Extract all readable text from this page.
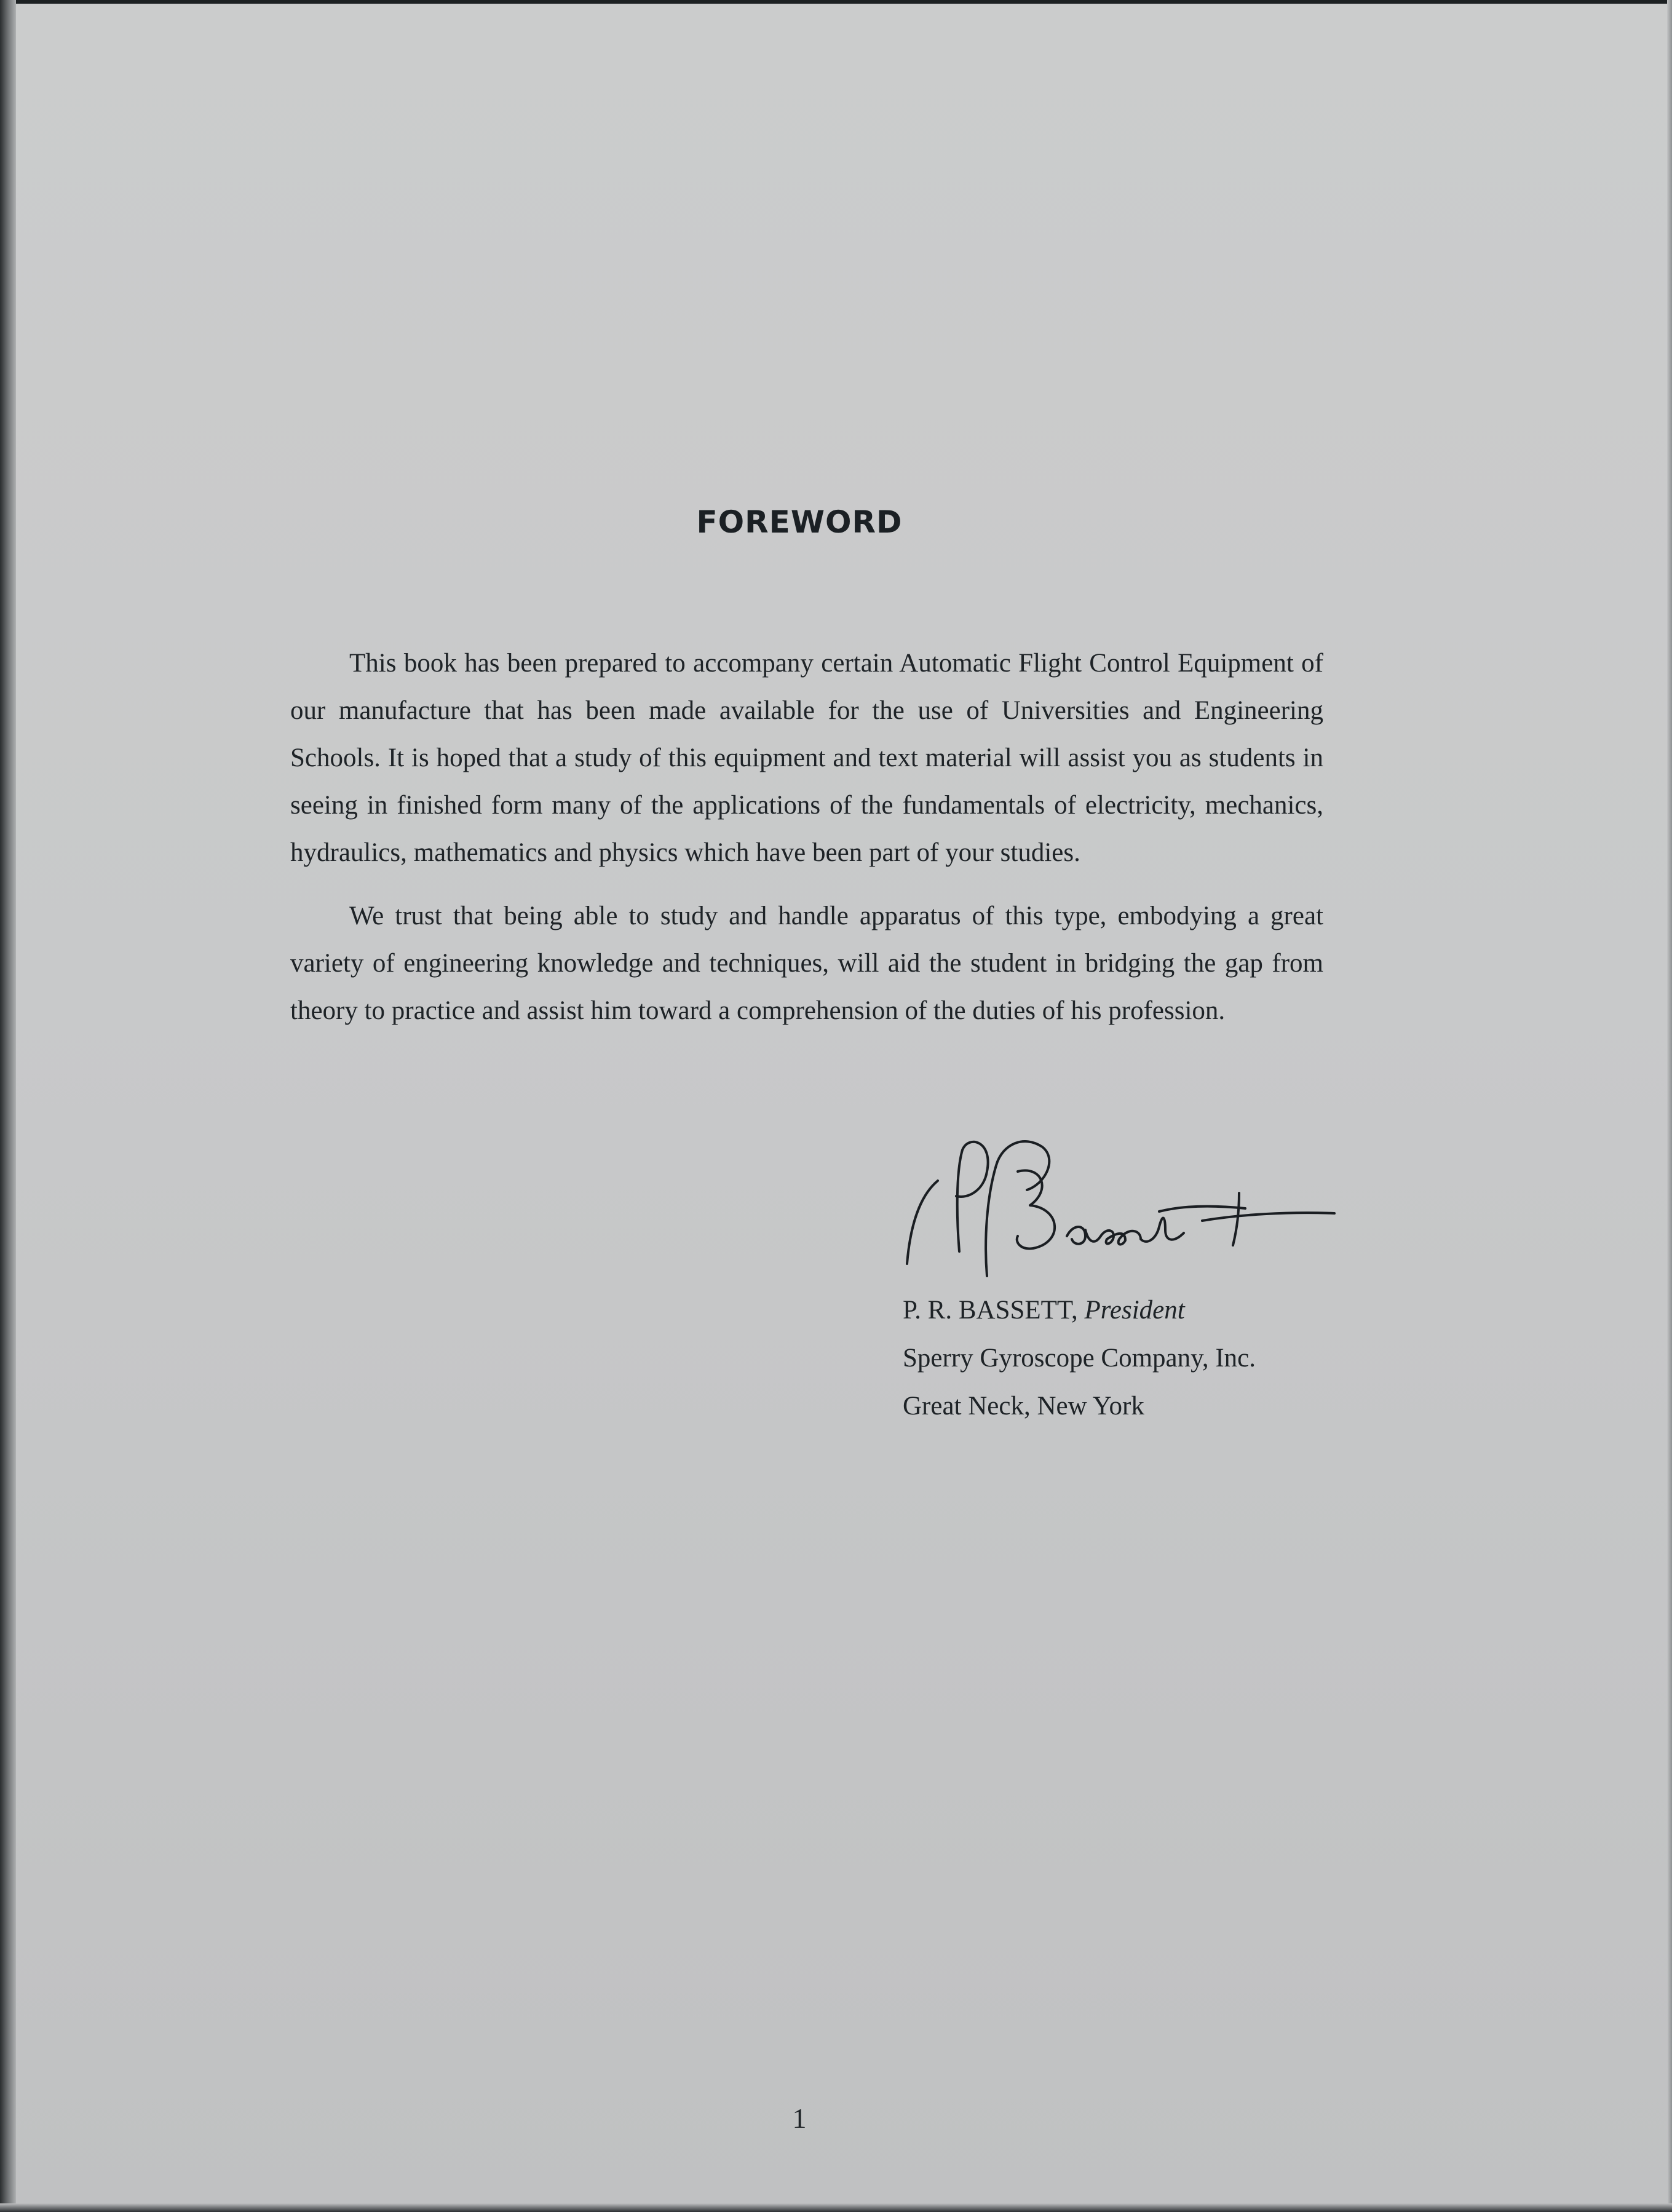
FOREWORD

This book has been prepared to accompany certain Automatic Flight Control Equipment of our manufacture that has been made available for the use of Universities and Engineering Schools. It is hoped that a study of this equipment and text material will assist you as students in seeing in finished form many of the applications of the fundamentals of electricity, mechanics, hydraulics, mathematics and physics which have been part of your studies.

We trust that being able to study and handle apparatus of this type, embodying a great variety of engineering knowledge and techniques, will aid the student in bridging the gap from theory to practice and assist him toward a comprehension of the duties of his profession.

P. R. BASSETT, President
Sperry Gyroscope Company, Inc.
Great Neck, New York
1
